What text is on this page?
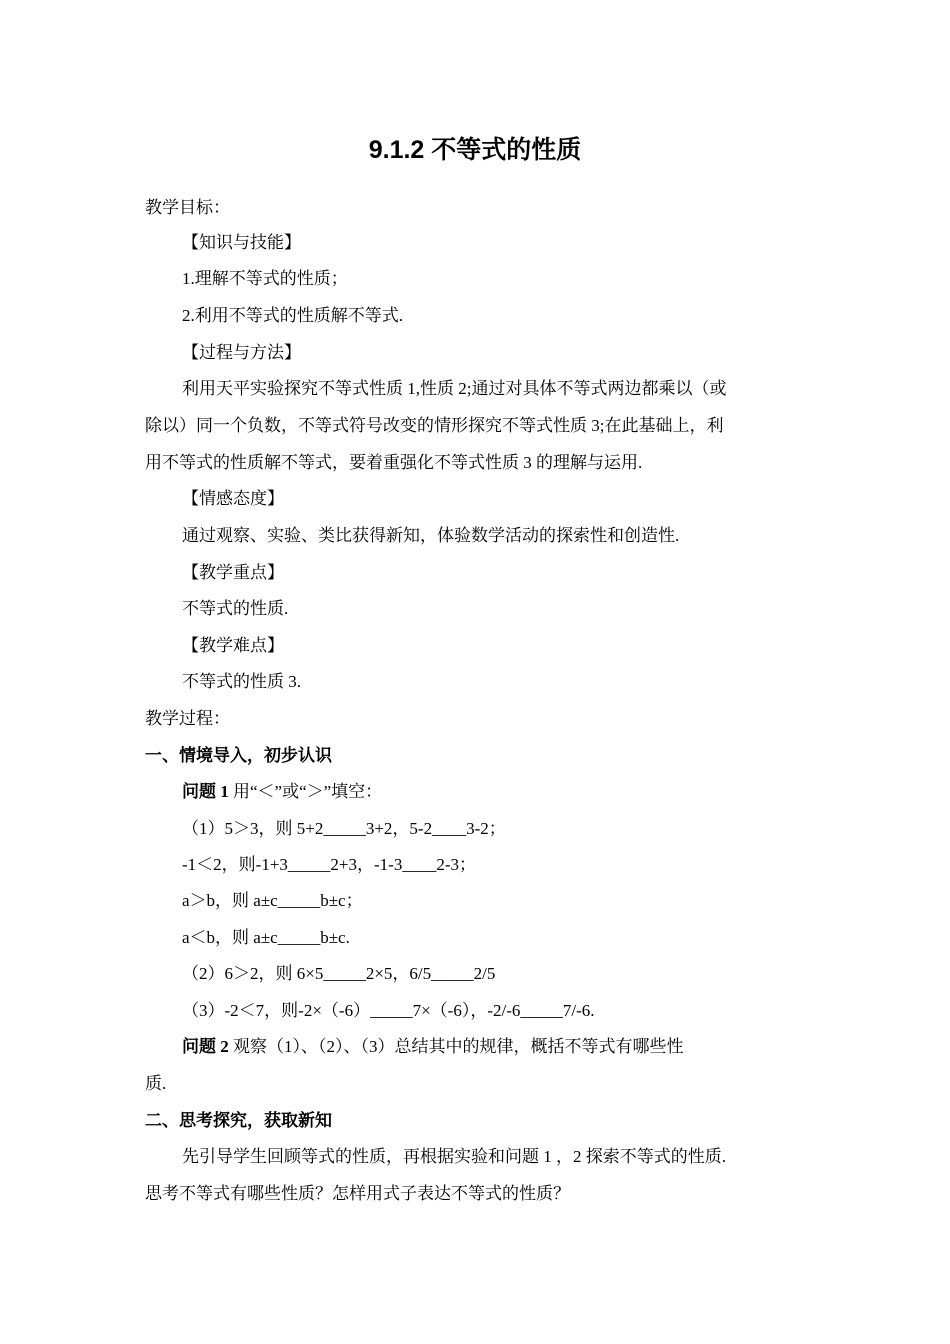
9.1.2 不等式的性质
教学目标：
【知识与技能】
1.理解不等式的性质；
2.利用不等式的性质解不等式.
【过程与方法】
利用天平实验探究不等式性质 1,性质 2;通过对具体不等式两边都乘以（或
除以）同一个负数，不等式符号改变的情形探究不等式性质 3;在此基础上，利
用不等式的性质解不等式，要着重强化不等式性质 3 的理解与运用.
【情感态度】
通过观察、实验、类比获得新知，体验数学活动的探索性和创造性.
【教学重点】
不等式的性质.
【教学难点】
不等式的性质 3.
教学过程：
一、情境导入，初步认识
问题 1 用“＜”或“＞”填空：
（1）5＞3，则 5+2_____3+2，5-2____3-2；
-1＜2，则-1+3_____2+3，-1-3____2-3；
a＞b，则 a±c_____b±c；
a＜b，则 a±c_____b±c.
（2）6＞2，则 6×5_____2×5，6/5_____2/5
（3）-2＜7，则-2×（-6）_____7×（-6），-2/-6_____7/-6.
问题 2 观察（1）、（2）、（3）总结其中的规律，概括不等式有哪些性
质.
二、思考探究，获取新知
先引导学生回顾等式的性质，再根据实验和问题 1 ，2 探索不等式的性质.
思考不等式有哪些性质？怎样用式子表达不等式的性质？
